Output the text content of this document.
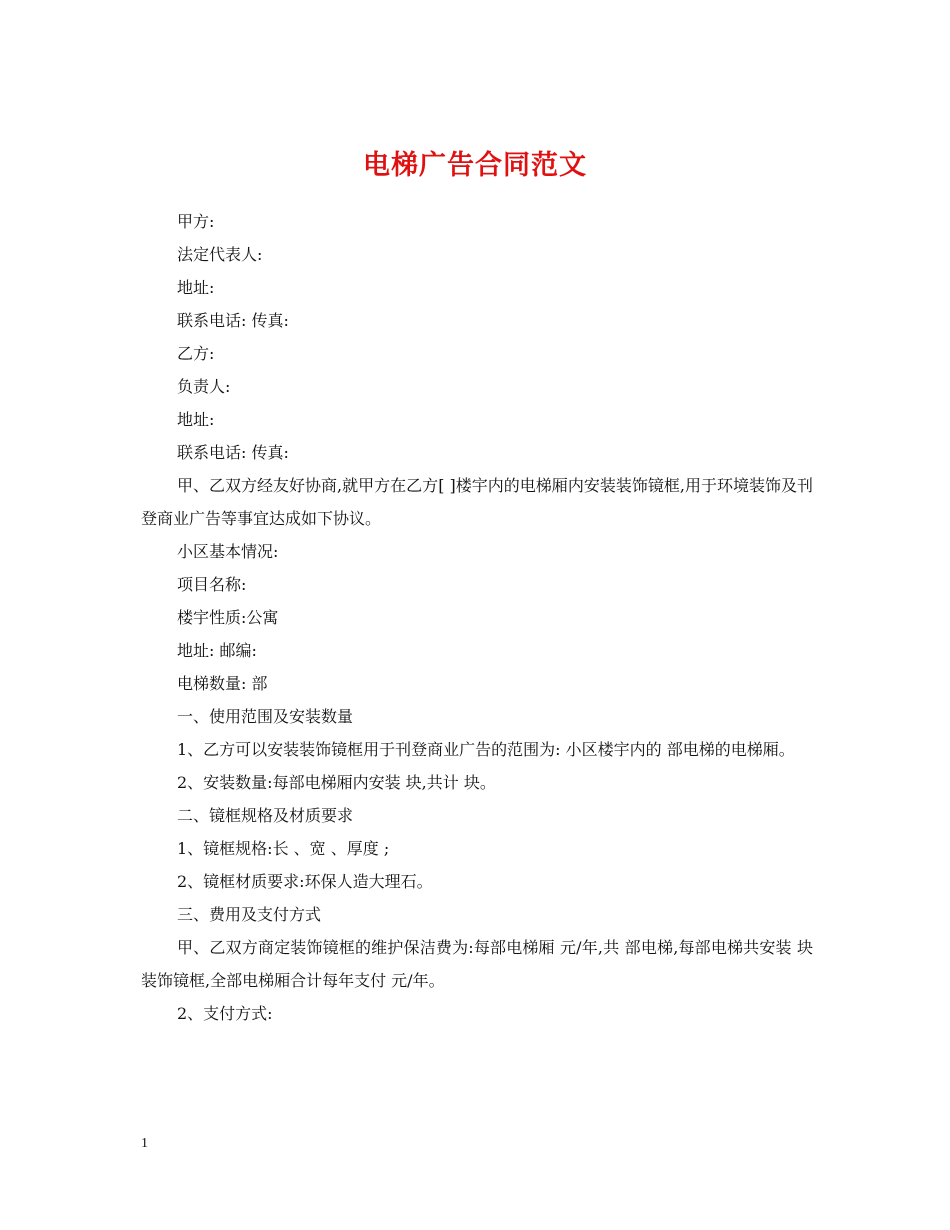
电梯广告合同范文

甲方:

法定代表人:

地址:

联系电话: 传真:

乙方:

负责人:

地址:

联系电话: 传真:

甲、乙双方经友好协商,就甲方在乙方[ ]楼宇内的电梯厢内安装装饰镜框,用于环境装饰及刊登商业广告等事宜达成如下协议。

小区基本情况:

项目名称:

楼宇性质:公寓

地址: 邮编:

电梯数量: 部

一、使用范围及安装数量

1、乙方可以安装装饰镜框用于刊登商业广告的范围为: 小区楼宇内的 部电梯的电梯厢。

2、安装数量:每部电梯厢内安装 块,共计 块。

二、镜框规格及材质要求

1、镜框规格:长 、宽 、厚度 ;

2、镜框材质要求:环保人造大理石。

三、费用及支付方式

甲、乙双方商定装饰镜框的维护保洁费为:每部电梯厢 元/年,共 部电梯,每部电梯共安装 块装饰镜框,全部电梯厢合计每年支付 元/年。

2、支付方式:

1
